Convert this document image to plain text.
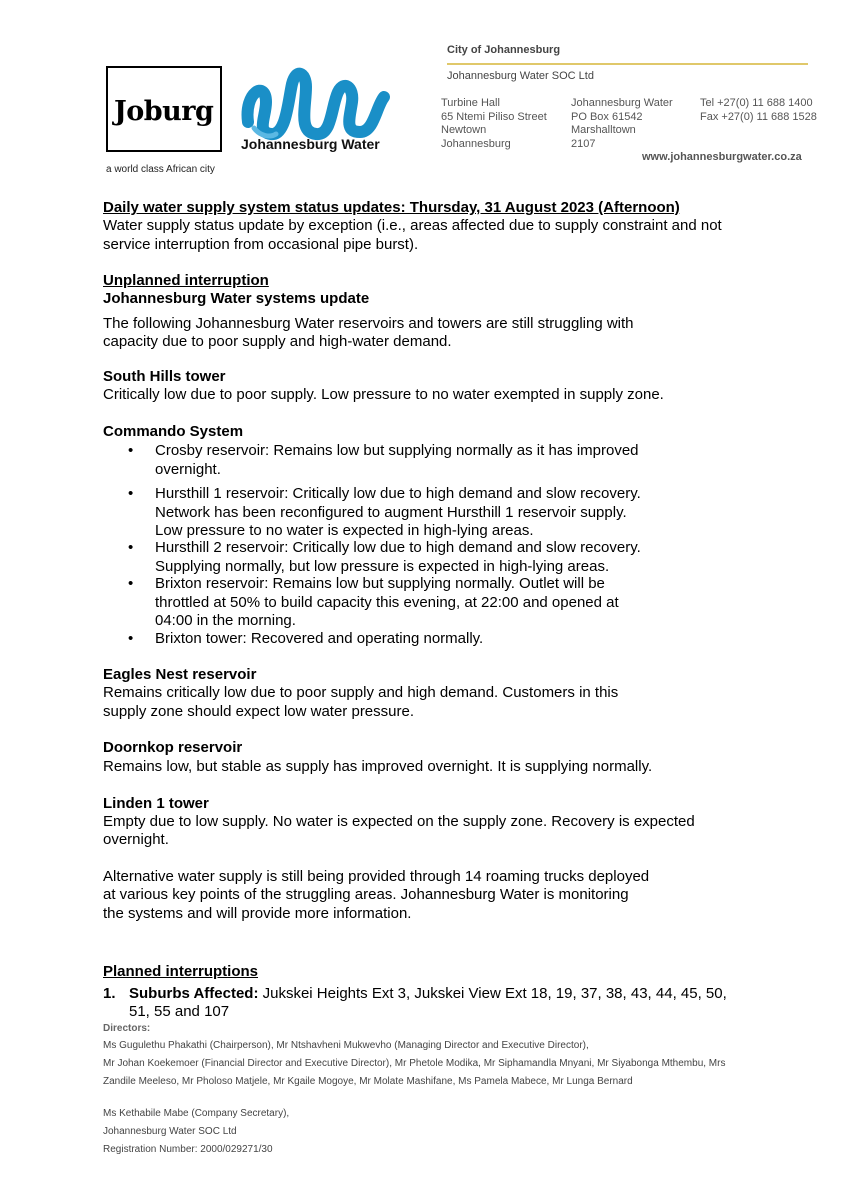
Joburg
a world class African city
Johannesburg Water
City of Johannesburg
Johannesburg Water SOC Ltd
Turbine Hall
65 Ntemi Piliso Street
Newtown
Johannesburg
Johannesburg Water
PO Box 61542
Marshalltown
2107
Tel +27(0) 11 688 1400
Fax +27(0) 11 688 1528
www.johannesburgwater.co.za
Daily water supply system status updates: Thursday, 31 August 2023 (Afternoon)
Water supply status update by exception (i.e., areas affected due to supply constraint and not
service interruption from occasional pipe burst).
Unplanned interruption
Johannesburg Water systems update
The following Johannesburg Water reservoirs and towers are still struggling with
capacity due to poor supply and high-water demand.
South Hills tower
Critically low due to poor supply. Low pressure to no water exempted in supply zone.
Commando System
• Crosby reservoir: Remains low but supplying normally as it has improved
overnight.
• Hursthill 1 reservoir: Critically low due to high demand and slow recovery.
Network has been reconfigured to augment Hursthill 1 reservoir supply.
Low pressure to no water is expected in high-lying areas.
• Hursthill 2 reservoir: Critically low due to high demand and slow recovery.
Supplying normally, but low pressure is expected in high-lying areas.
• Brixton reservoir: Remains low but supplying normally. Outlet will be
throttled at 50% to build capacity this evening, at 22:00 and opened at
04:00 in the morning.
• Brixton tower: Recovered and operating normally.
Eagles Nest reservoir
Remains critically low due to poor supply and high demand. Customers in this
supply zone should expect low water pressure.
Doornkop reservoir
Remains low, but stable as supply has improved overnight. It is supplying normally.
Linden 1 tower
Empty due to low supply. No water is expected on the supply zone. Recovery is expected
overnight.
Alternative water supply is still being provided through 14 roaming trucks deployed
at various key points of the struggling areas. Johannesburg Water is monitoring
the systems and will provide more information.
Planned interruptions
1. Suburbs Affected: Jukskei Heights Ext 3, Jukskei View Ext 18, 19, 37, 38, 43, 44, 45, 50,
51, 55 and 107
Directors:
Ms Gugulethu Phakathi (Chairperson), Mr Ntshavheni Mukwevho (Managing Director and Executive Director),
Mr Johan Koekemoer (Financial Director and Executive Director), Mr Phetole Modika, Mr Siphamandla Mnyani, Mr Siyabonga Mthembu, Mrs
Zandile Meeleso, Mr Pholoso Matjele, Mr Kgaile Mogoye, Mr Molate Mashifane, Ms Pamela Mabece, Mr Lunga Bernard
Ms Kethabile Mabe (Company Secretary),
Johannesburg Water SOC Ltd
Registration Number: 2000/029271/30
